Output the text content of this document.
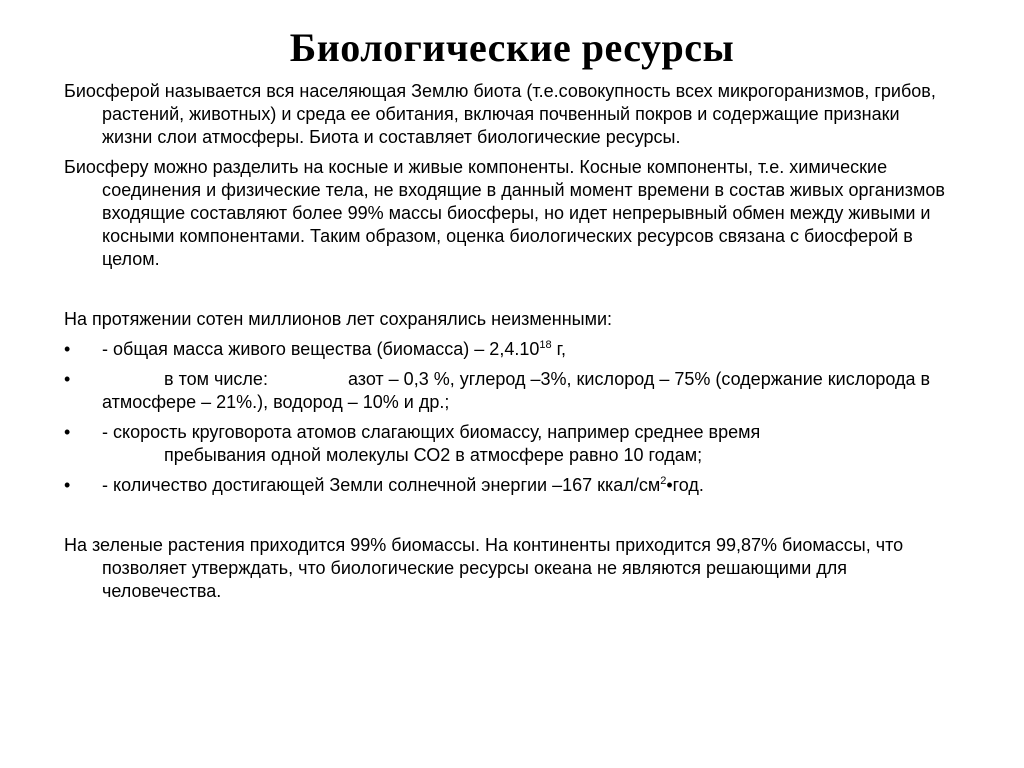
Биологические ресурсы

Биосферой называется вся населяющая Землю биота (т.е.совокупность всех микрогоранизмов, грибов, растений, животных) и среда ее обитания, включая почвенный покров и содержащие признаки жизни слои атмосферы. Биота и составляет биологические ресурсы.

Биосферу можно разделить на косные и живые компоненты. Косные компоненты, т.е. химические соединения и физические тела, не входящие в данный момент времени в состав живых организмов входящие составляют более 99% массы биосферы, но идет непрерывный обмен между живыми и косными компонентами. Таким образом, оценка биологических ресурсов связана с биосферой в целом.

На протяжении сотен миллионов лет сохранялись неизменными:

•	- общая масса живого вещества (биомасса) – 2,4.10$^{18}$ г,
•	в том числе:	азот – 0,3 %, углерод –3%, кислород – 75% (содержание кислорода в атмосфере – 21%.), водород – 10% и др.;
•	- скорость круговорота атомов слагающих биомассу, например среднее время
пребывания одной молекулы СО2 в атмосфере равно 10 годам;
•	- количество достигающей Земли солнечной энергии –167 ккал/$см^2•год$.

На зеленые растения приходится 99% биомассы. На континенты приходится 99,87% биомассы, что позволяет утверждать, что биологические ресурсы океана не являются решающими для человечества.
